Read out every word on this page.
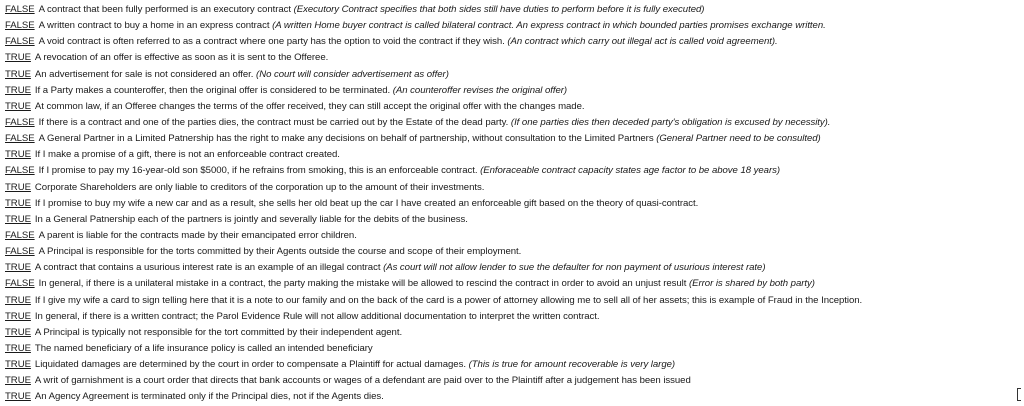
FALSE A contract that been fully performed is an executory contract (Executory Contract specifies that both sides still have duties to perform before it is fully executed)
FALSE A written contract to buy a home in an express contract (A written Home buyer contract is called bilateral contract. An express contract in which bounded parties promises exchange written.
FALSE A void contract is often referred to as a contract where one party has the option to void the contract if they wish. (An contract which carry out illegal act is called void agreement).
TRUE A revocation of an offer is effective as soon as it is sent to the Offeree.
TRUE An advertisement for sale is not considered an offer. (No court will consider advertisement as offer)
TRUE If a Party makes a counteroffer, then the original offer is considered to be terminated. (An counteroffer revises the original offer)
TRUE At common law, if an Offeree changes the terms of the offer received, they can still accept the original offer with the changes made.
FALSE If there is a contract and one of the parties dies, the contract must be carried out by the Estate of the dead party. (If one parties dies then deceded party's obligation is excused by necessity).
FALSE A General Partner in a Limited Patnership has the right to make any decisions on behalf of partnership, without consultation to the Limited Partners (General Partner need to be consulted)
TRUE If I make a promise of a gift, there is not an enforceable contract created.
FALSE If I promise to pay my 16-year-old son $5000, if he refrains from smoking, this is an enforceable contract. (Enforaceable contract capacity states age factor to be above 18 years)
TRUE Corporate Shareholders are only liable to creditors of the corporation up to the amount of their investments.
TRUE If I promise to buy my wife a new car and as a result, she sells her old beat up the car I have created an enforceable gift based on the theory of quasi-contract.
TRUE In a General Patnership each of the partners is jointly and severally liable for the debits of the business.
FALSE A parent is liable for the contracts made by their emancipated error children.
FALSE A Principal is responsible for the torts committed by their Agents outside the course and scope of their employment.
TRUE A contract that contains a usurious interest rate is an example of an illegal contract (As court will not allow lender to sue the defaulter for non payment of usurious interest rate)
FALSE In general, if there is a unilateral mistake in a contract, the party making the mistake will be allowed to rescind the contract in order to avoid an unjust result (Error is shared by both party)
TRUE If I give my wife a card to sign telling here that it is a note to our family and on the back of the card is a power of attorney allowing me to sell all of her assets; this is example of Fraud in the Inception.
TRUE In general, if there is a written contract; the Parol Evidence Rule will not allow additional documentation to interpret the written contract.
TRUE A Principal is typically not responsible for the tort committed by their independent agent.
TRUE The named beneficiary of a life insurance policy is called an intended beneficiary
TRUE Liquidated damages are determined by the court in order to compensate a Plaintiff for actual damages. (This is true for amount recoverable is very large)
TRUE A writ of garnishment is a court order that directs that bank accounts or wages of a defendant are paid over to the Plaintiff after a judgement has been issued
TRUE An Agency Agreement is terminated only if the Principal dies, not if the Agents dies.
